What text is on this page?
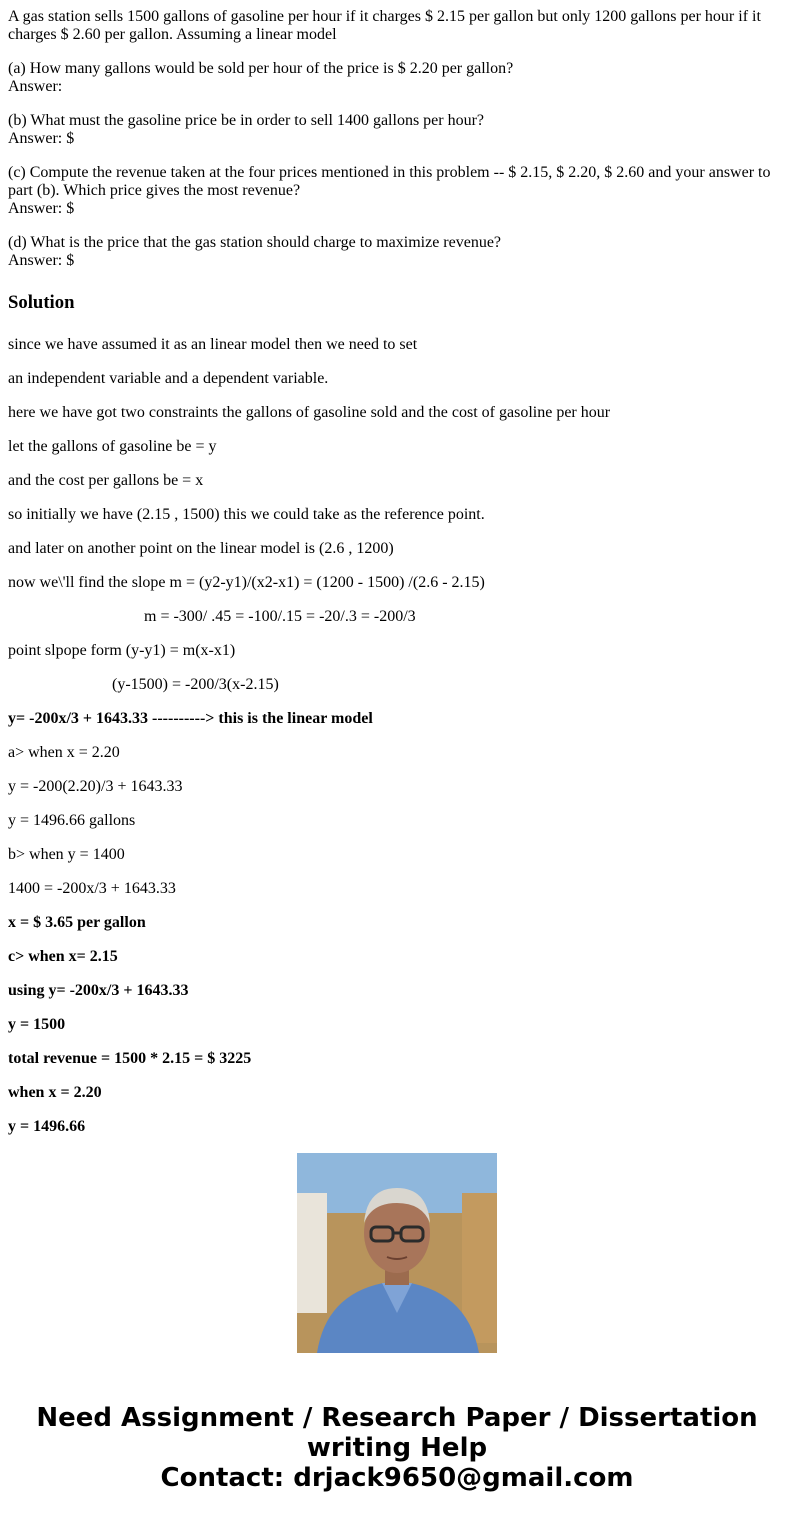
A gas station sells 1500 gallons of gasoline per hour if it charges $ 2.15 per gallon but only 1200 gallons per hour if it charges $ 2.60 per gallon. Assuming a linear model

(a) How many gallons would be sold per hour of the price is $ 2.20 per gallon?
Answer:

(b) What must the gasoline price be in order to sell 1400 gallons per hour?
Answer: $

(c) Compute the revenue taken at the four prices mentioned in this problem -- $ 2.15, $ 2.20, $ 2.60 and your answer to part (b). Which price gives the most revenue?
Answer: $

(d) What is the price that the gas station should charge to maximize revenue?
Answer: $

Solution

since we have assumed it as an linear model then we need to set

an independent variable and a dependent variable.

here we have got two constraints the gallons of gasoline sold and the cost of gasoline per hour

let the gallons of gasoline be = y

and the cost per gallons be = x

so initially we have (2.15 , 1500) this we could take as the reference point.

and later on another point on the linear model is (2.6 , 1200)

now we\'ll find the slope m = (y2-y1)/(x2-x1) = (1200 - 1500) /(2.6 - 2.15)

m = -300/ .45 = -100/.15 = -20/.3 = -200/3

point slpope form (y-y1) = m(x-x1)

(y-1500) = -200/3(x-2.15)

y= -200x/3 + 1643.33 ----------> this is the linear model

a> when x = 2.20

y = -200(2.20)/3 + 1643.33

y = 1496.66 gallons

b> when y = 1400

1400 = -200x/3 + 1643.33

x = $ 3.65 per gallon

c> when x= 2.15

using y= -200x/3 + 1643.33

y = 1500

total revenue = 1500 * 2.15 = $ 3225

when x = 2.20

y = 1496.66

Need Assignment / Research Paper / Dissertation
writing Help
Contact: drjack9650@gmail.com
